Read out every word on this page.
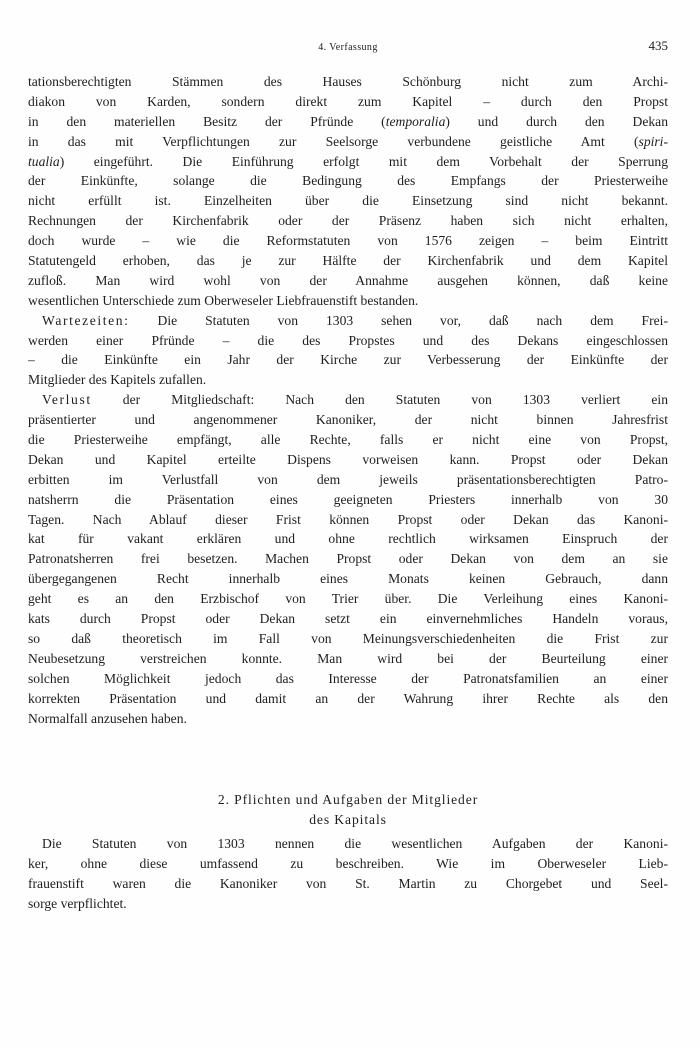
4. Verfassung	435
tationsberechtigten Stämmen des Hauses Schönburg nicht zum Archi-
diakon von Karden, sondern direkt zum Kapitel – durch den Propst
in den materiellen Besitz der Pfründe (temporalia) und durch den Dekan
in das mit Verpflichtungen zur Seelsorge verbundene geistliche Amt (spiri-
tualia) eingeführt. Die Einführung erfolgt mit dem Vorbehalt der Sperrung
der Einkünfte, solange die Bedingung des Empfangs der Priesterweihe
nicht erfüllt ist. Einzelheiten über die Einsetzung sind nicht bekannt.
Rechnungen der Kirchenfabrik oder der Präsenz haben sich nicht erhalten,
doch wurde – wie die Reformstatuten von 1576 zeigen – beim Eintritt
Statutengeld erhoben, das je zur Hälfte der Kirchenfabrik und dem Kapitel
zufloß. Man wird wohl von der Annahme ausgehen können, daß keine
wesentlichen Unterschiede zum Oberweseler Liebfrauenstift bestanden.
Wartezeiten: Die Statuten von 1303 sehen vor, daß nach dem Frei-
werden einer Pfründe – die des Propstes und des Dekans eingeschlossen
– die Einkünfte ein Jahr der Kirche zur Verbesserung der Einkünfte der
Mitglieder des Kapitels zufallen.
Verlust der Mitgliedschaft: Nach den Statuten von 1303 verliert ein
präsentierter und angenommener Kanoniker, der nicht binnen Jahresfrist
die Priesterweihe empfängt, alle Rechte, falls er nicht eine von Propst,
Dekan und Kapitel erteilte Dispens vorweisen kann. Propst oder Dekan
erbitten im Verlustfall von dem jeweils präsentationsberechtigten Patro-
natsherrn die Präsentation eines geeigneten Priesters innerhalb von 30
Tagen. Nach Ablauf dieser Frist können Propst oder Dekan das Kanoni-
kat für vakant erklären und ohne rechtlich wirksamen Einspruch der
Patronatsherren frei besetzen. Machen Propst oder Dekan von dem an sie
übergegangenen Recht innerhalb eines Monats keinen Gebrauch, dann
geht es an den Erzbischof von Trier über. Die Verleihung eines Kanoni-
kats durch Propst oder Dekan setzt ein einvernehmliches Handeln voraus,
so daß theoretisch im Fall von Meinungsverschiedenheiten die Frist zur
Neubesetzung verstreichen konnte. Man wird bei der Beurteilung einer
solchen Möglichkeit jedoch das Interesse der Patronatsfamilien an einer
korrekten Präsentation und damit an der Wahrung ihrer Rechte als den
Normalfall anzusehen haben.
2. Pflichten und Aufgaben der Mitglieder
des Kapitals
Die Statuten von 1303 nennen die wesentlichen Aufgaben der Kanoni-
ker, ohne diese umfassend zu beschreiben. Wie im Oberweseler Lieb-
frauenstift waren die Kanoniker von St. Martin zu Chorgebet und Seel-
sorge verpflichtet.
